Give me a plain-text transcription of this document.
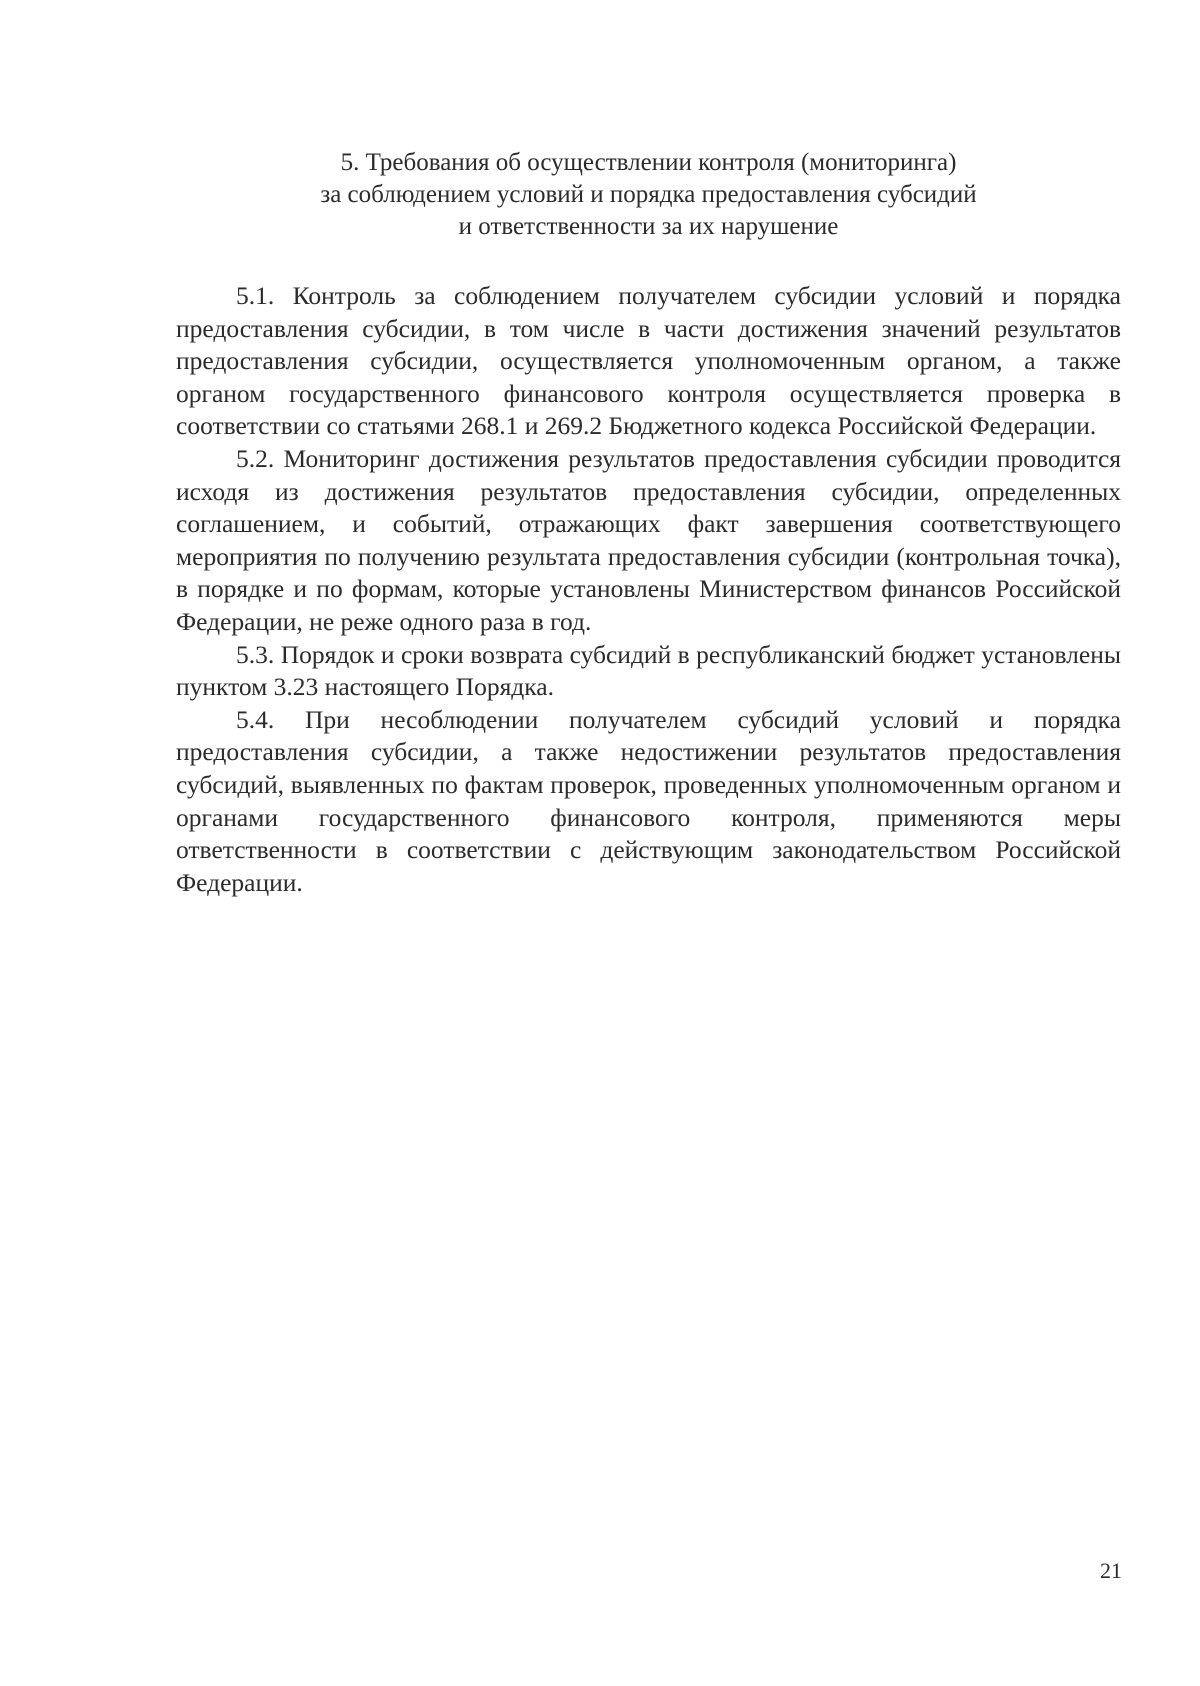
5. Требования об осуществлении контроля (мониторинга)
за соблюдением условий и порядка предоставления субсидий
и ответственности за их нарушение

5.1. Контроль за соблюдением получателем субсидии условий и порядка предоставления субсидии, в том числе в части достижения значений результатов предоставления субсидии, осуществляется уполномоченным органом, а также органом государственного финансового контроля осуществляется проверка в соответствии со статьями 268.1 и 269.2 Бюджетного кодекса Российской Федерации.

5.2. Мониторинг достижения результатов предоставления субсидии проводится исходя из достижения результатов предоставления субсидии, определенных соглашением, и событий, отражающих факт завершения соответствующего мероприятия по получению результата предоставления субсидии (контрольная точка), в порядке и по формам, которые установлены Министерством финансов Российской Федерации, не реже одного раза в год.

5.3. Порядок и сроки возврата субсидий в республиканский бюджет установлены пунктом 3.23 настоящего Порядка.

5.4. При несоблюдении получателем субсидий условий и порядка предоставления субсидии, а также недостижении результатов предоставления субсидий, выявленных по фактам проверок, проведенных уполномоченным органом и органами государственного финансового контроля, применяются меры ответственности в соответствии с действующим законодательством Российской Федерации.

21
